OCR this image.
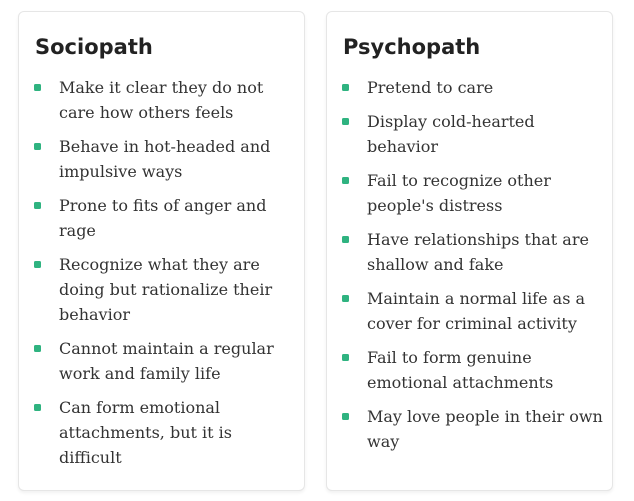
Sociopath
Make it clear they do not care how others feels
Behave in hot-headed and impulsive ways
Prone to fits of anger and rage
Recognize what they are doing but rationalize their behavior
Cannot maintain a regular work and family life
Can form emotional attachments, but it is difficult
Psychopath
Pretend to care
Display cold-hearted behavior
Fail to recognize other people's distress
Have relationships that are shallow and fake
Maintain a normal life as a cover for criminal activity
Fail to form genuine emotional attachments
May love people in their own way
